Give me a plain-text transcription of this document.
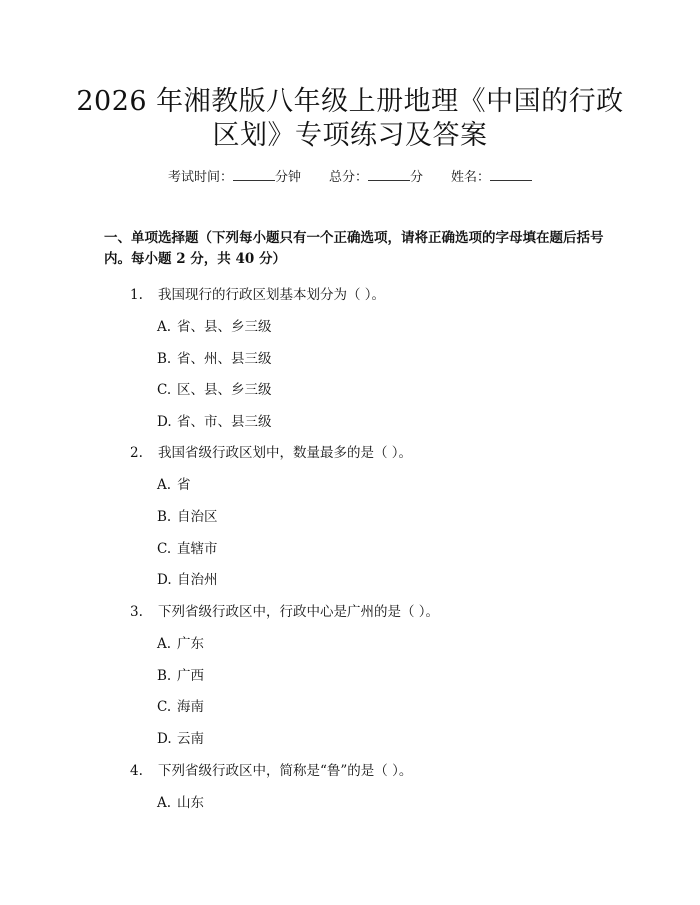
2026 年湘教版八年级上册地理《中国的行政
区划》专项练习及答案
考试时间：	分钟 总分：	分 姓名：

一、单项选择题（下列每小题只有一个正确选项，请将正确选项的字母填在题后括号内。每小题 2 分，共 40 分）

1. 我国现行的行政区划基本划分为（ ）。
A. 省、县、乡三级
B. 省、州、县三级
C. 区、县、乡三级
D. 省、市、县三级
2. 我国省级行政区划中，数量最多的是（ ）。
A. 省
B. 自治区
C. 直辖市
D. 自治州
3. 下列省级行政区中，行政中心是广州的是（ ）。
A. 广东
B. 广西
C. 海南
D. 云南
4. 下列省级行政区中，简称是“鲁”的是（ ）。
A. 山东
